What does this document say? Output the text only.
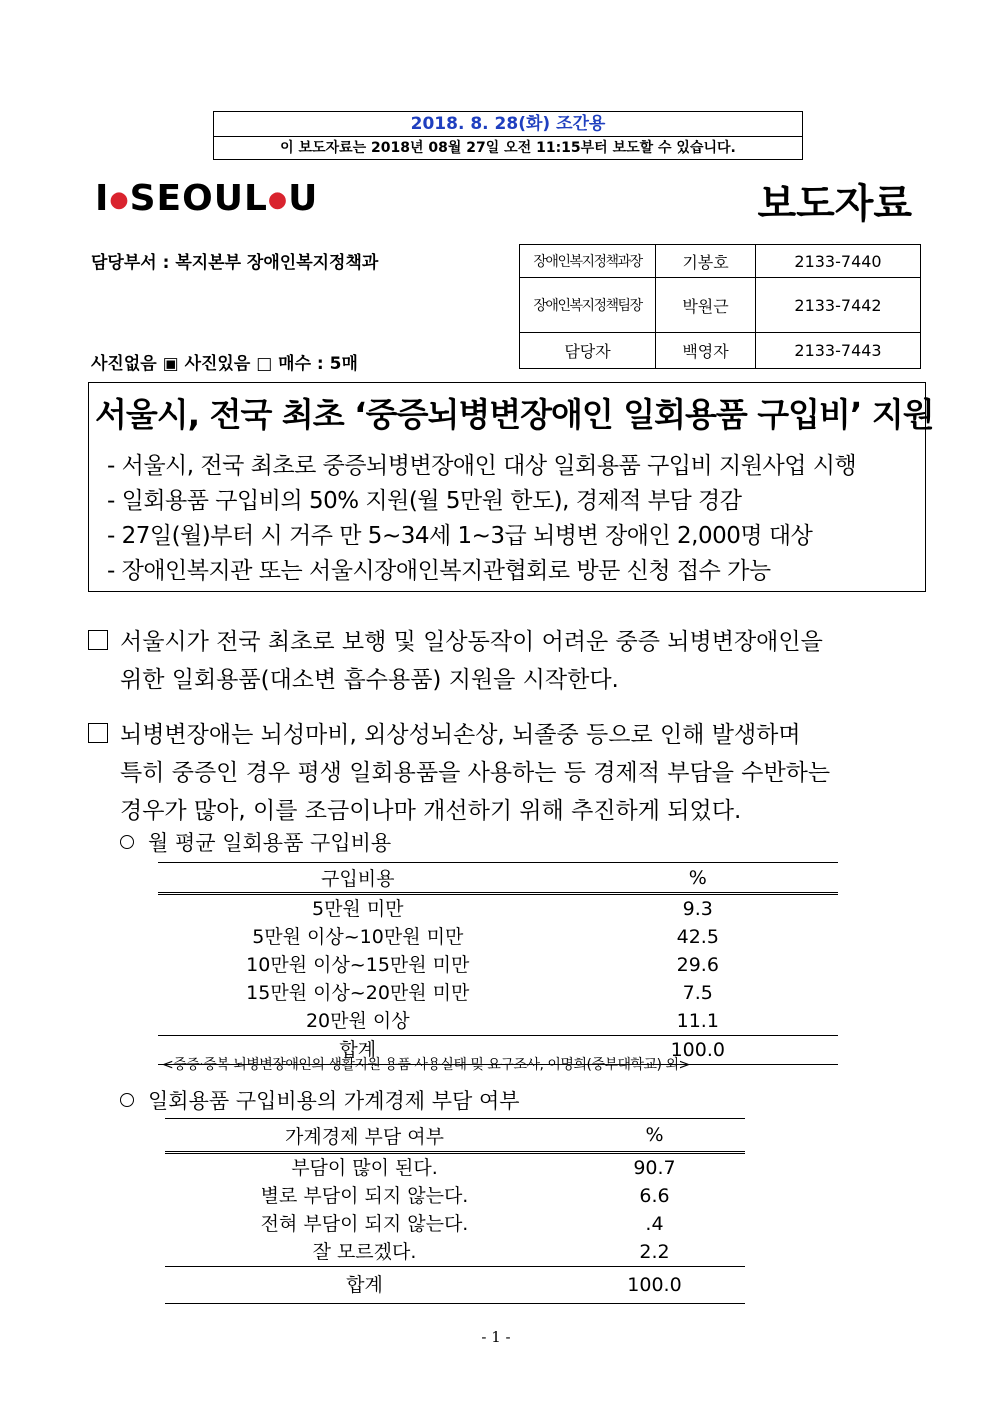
2018. 8. 28(화) 조간용
이 보도자료는 2018년 08월 27일 오전 11:15부터 보도할 수 있습니다.
I●SEOUL●U	보도자료
담당부서 : 복지본부 장애인복지정책과
사진없음 ▣ 사진있음 □ 매수 : 5매
장애인복지정책과장	기봉호	2133-7440
장애인복지정책팀장	박원근	2133-7442
담당자	백영자	2133-7443
서울시, 전국 최초 ‘중증뇌병변장애인 일회용품 구입비’ 지원
- 서울시, 전국 최초로 중증뇌병변장애인 대상 일회용품 구입비 지원사업 시행
- 일회용품 구입비의 50% 지원(월 5만원 한도), 경제적 부담 경감
- 27일(월)부터 시 거주 만 5~34세 1~3급 뇌병변 장애인 2,000명 대상
- 장애인복지관 또는 서울시장애인복지관협회로 방문 신청 접수 가능
서울시가 전국 최초로 보행 및 일상동작이 어려운 중증 뇌병변장애인을
위한 일회용품(대소변 흡수용품) 지원을 시작한다.
뇌병변장애는 뇌성마비, 외상성뇌손상, 뇌졸중 등으로 인해 발생하며
특히 중증인 경우 평생 일회용품을 사용하는 등 경제적 부담을 수반하는
경우가 많아, 이를 조금이나마 개선하기 위해 추진하게 되었다.
월 평균 일회용품 구입비용
구입비용	%
5만원 미만	9.3
5만원 이상~10만원 미만	42.5
10만원 이상~15만원 미만	29.6
15만원 이상~20만원 미만	7.5
20만원 이상	11.1
합계	100.0
<중증·중복 뇌병변장애인의 생활지원 용품 사용실태 및 요구조사, 이명희(중부대학교) 외>
일회용품 구입비용의 가계경제 부담 여부
가계경제 부담 여부	%
부담이 많이 된다.	90.7
별로 부담이 되지 않는다.	6.6
전혀 부담이 되지 않는다.	.4
잘 모르겠다.	2.2
합계	100.0
- 1 -
